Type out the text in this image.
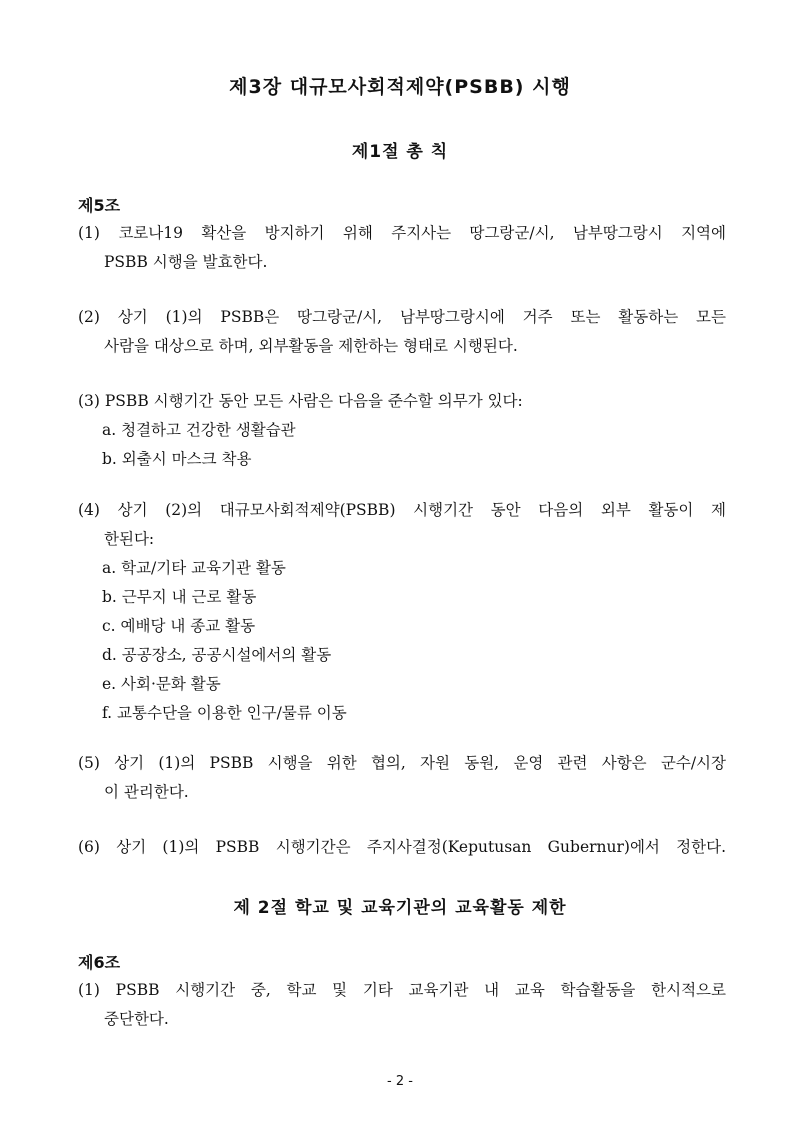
제3장 대규모사회적제약(PSBB) 시행
제1절 총 칙
제5조
(1) 코로나19 확산을 방지하기 위해 주지사는 땅그랑군/시, 남부땅그랑시 지역에
PSBB 시행을 발효한다.
(2) 상기 (1)의 PSBB은 땅그랑군/시, 남부땅그랑시에 거주 또는 활동하는 모든
사람을 대상으로 하며, 외부활동을 제한하는 형태로 시행된다.
(3) PSBB 시행기간 동안 모든 사람은 다음을 준수할 의무가 있다:
a. 청결하고 건강한 생활습관
b. 외출시 마스크 착용
(4) 상기 (2)의 대규모사회적제약(PSBB) 시행기간 동안 다음의 외부 활동이 제
한된다:
a. 학교/기타 교육기관 활동
b. 근무지 내 근로 활동
c. 예배당 내 종교 활동
d. 공공장소, 공공시설에서의 활동
e. 사회·문화 활동
f. 교통수단을 이용한 인구/물류 이동
(5) 상기 (1)의 PSBB 시행을 위한 협의, 자원 동원, 운영 관련 사항은 군수/시장
이 관리한다.
(6) 상기 (1)의 PSBB 시행기간은 주지사결정(Keputusan Gubernur)에서 정한다.
제 2절 학교 및 교육기관의 교육활동 제한
제6조
(1) PSBB 시행기간 중, 학교 및 기타 교육기관 내 교육 학습활동을 한시적으로
중단한다.
- 2 -
